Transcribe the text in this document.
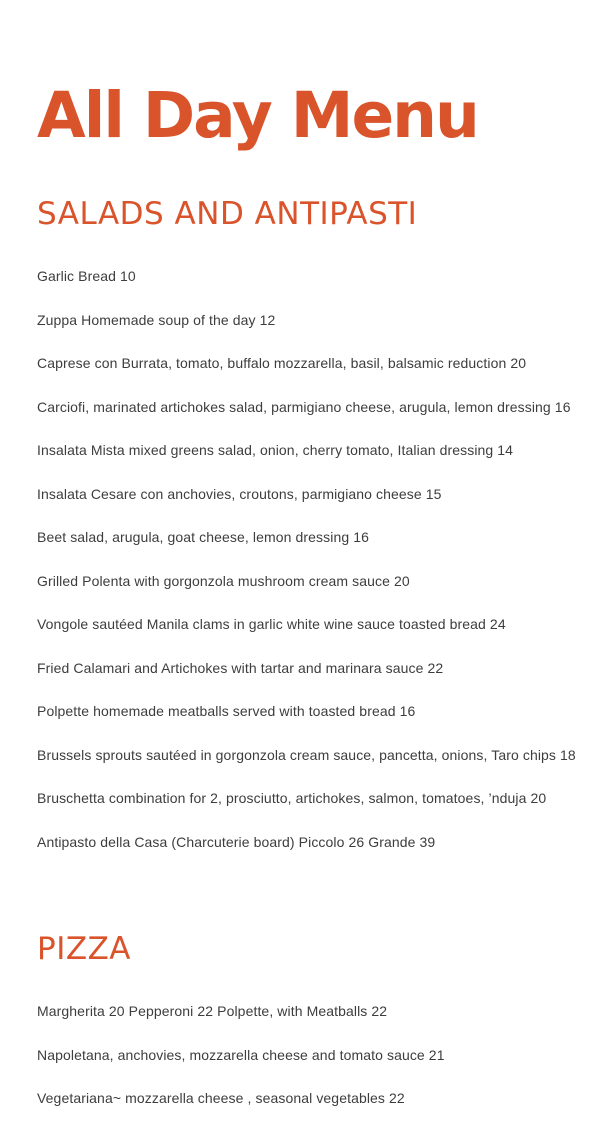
All Day Menu
SALADS AND ANTIPASTI
Garlic Bread 10
Zuppa Homemade soup of the day 12
Caprese con Burrata, tomato, buffalo mozzarella, basil, balsamic reduction 20
Carciofi, marinated artichokes salad, parmigiano cheese, arugula, lemon dressing 16
Insalata Mista mixed greens salad, onion, cherry tomato, Italian dressing 14
Insalata Cesare con anchovies, croutons, parmigiano cheese 15
Beet salad, arugula, goat cheese, lemon dressing 16
Grilled Polenta with gorgonzola mushroom cream sauce 20
Vongole sautéed Manila clams in garlic white wine sauce toasted bread 24
Fried Calamari and Artichokes with tartar and marinara sauce 22
Polpette homemade meatballs served with toasted bread 16
Brussels sprouts sautéed in gorgonzola cream sauce, pancetta, onions, Taro chips 18
Bruschetta combination for 2, prosciutto, artichokes, salmon, tomatoes, ’nduja 20
Antipasto della Casa (Charcuterie board) Piccolo 26 Grande 39
PIZZA
Margherita 20 Pepperoni 22 Polpette, with Meatballs 22
Napoletana, anchovies, mozzarella cheese and tomato sauce 21
Vegetariana~ mozzarella cheese , seasonal vegetables 22
